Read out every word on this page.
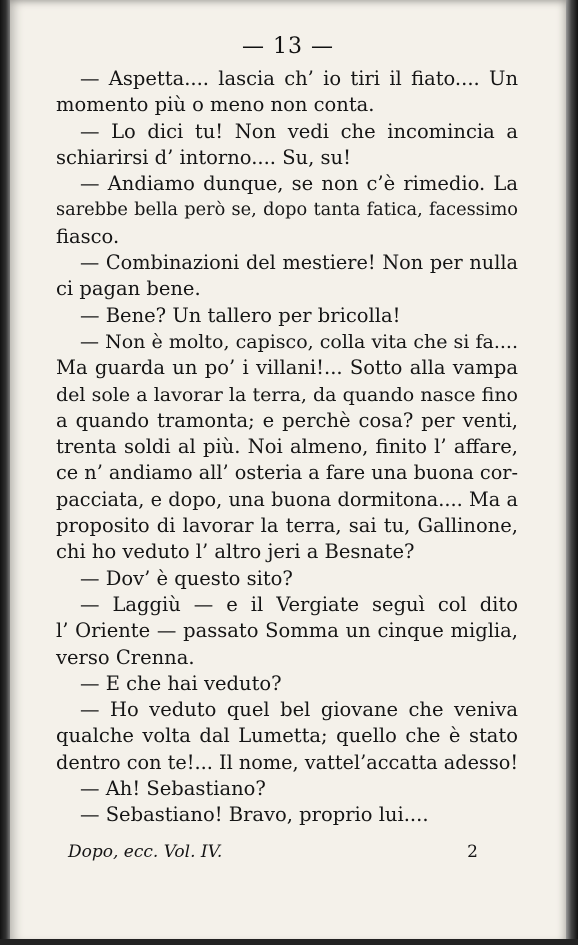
— 13 —
— Aspetta.... lascia ch’ io tiri il fiato.... Un
momento più o meno non conta.
— Lo dici tu! Non vedi che incomincia a
schiarirsi d’ intorno.... Su, su!
— Andiamo dunque, se non c’è rimedio. La
sarebbe bella però se, dopo tanta fatica, facessimo
fiasco.
— Combinazioni del mestiere! Non per nulla
ci pagan bene.
— Bene? Un tallero per bricolla!
— Non è molto, capisco, colla vita che si fa....
Ma guarda un po’ i villani!... Sotto alla vampa
del sole a lavorar la terra, da quando nasce fino
a quando tramonta; e perchè cosa? per venti,
trenta soldi al più. Noi almeno, finito l’ affare,
ce n’ andiamo all’ osteria a fare una buona cor-
pacciata, e dopo, una buona dormitona.... Ma a
proposito di lavorar la terra, sai tu, Gallinone,
chi ho veduto l’ altro jeri a Besnate?
— Dov’ è questo sito?
— Laggiù — e il Vergiate seguì col dito
l’ Oriente — passato Somma un cinque miglia,
verso Crenna.
— E che hai veduto?
— Ho veduto quel bel giovane che veniva
qualche volta dal Lumetta; quello che è stato
dentro con te!... Il nome, vattel’accatta adesso!
— Ah! Sebastiano?
— Sebastiano! Bravo, proprio lui....
Dopo, ecc. Vol. IV.	2
